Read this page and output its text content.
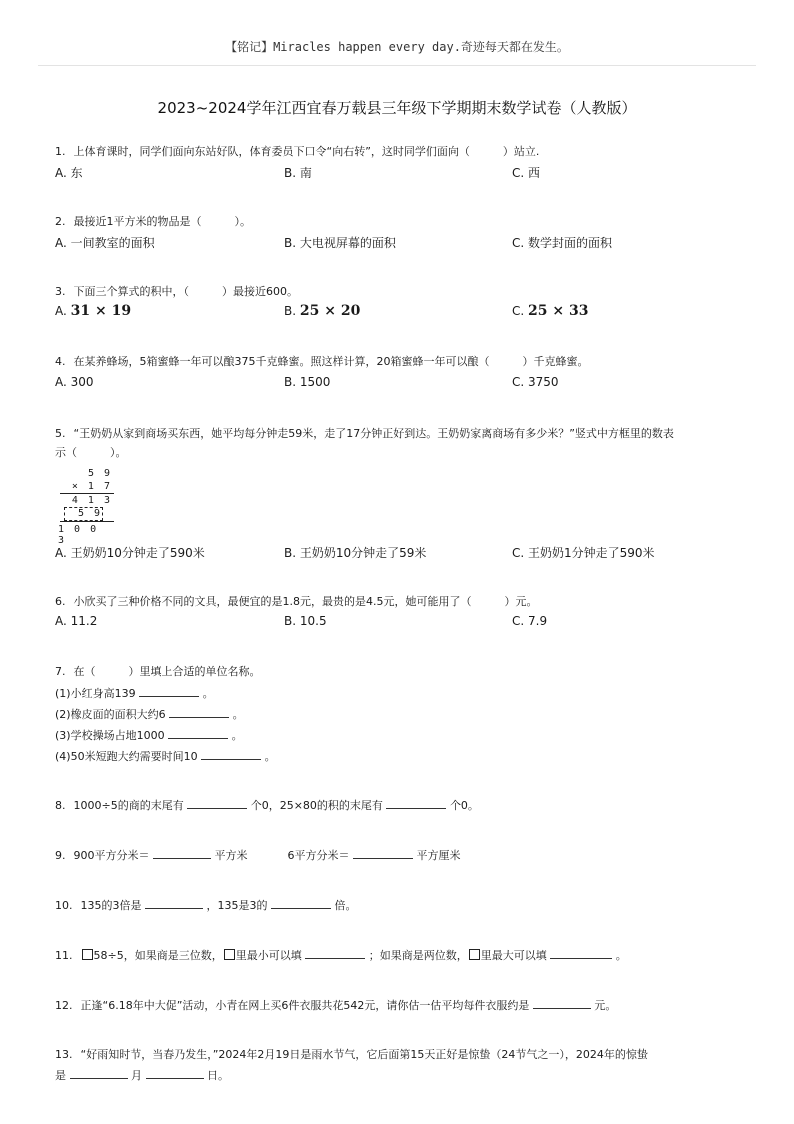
【铭记】Miracles happen every day.奇迹每天都在发生。
2023~2024学年江西宜春万载县三年级下学期期末数学试卷（人教版）
1. 上体育课时，同学们面向东站好队，体育委员下口令“向右转”，这时同学们面向（　　　）站立.
A. 东	B. 南	C. 西
2. 最接近1平方米的物品是（　　　）。
A. 一间教室的面积	B. 大电视屏幕的面积	C. 数学封面的面积
3. 下面三个算式的积中，（　　　）最接近600。
A. 31 × 19	B. 25 × 20	C. 25 × 33
4. 在某养蜂场，5箱蜜蜂一年可以酿375千克蜂蜜。照这样计算，20箱蜜蜂一年可以酿（　　　）千克蜂蜜。
A. 300	B. 1500	C. 3750
5. “王奶奶从家到商场买东西，她平均每分钟走59米，走了17分钟正好到达。王奶奶家离商场有多少米？”竖式中方框里的数表
示（　　　）。
5 9
× 1 7
4 1 3
5 9
1 0 0 3
A. 王奶奶10分钟走了590米	B. 王奶奶10分钟走了59米	C. 王奶奶1分钟走了590米
6. 小欣买了三种价格不同的文具，最便宜的是1.8元，最贵的是4.5元，她可能用了（　　　）元。
A. 11.2	B. 10.5	C. 7.9
7. 在（　　　）里填上合适的单位名称。
(1)小红身高139	。
(2)橡皮面的面积大约6	。
(3)学校操场占地1000	。
(4)50米短跑大约需要时间10	。
8. 1000÷5的商的末尾有	个0，25×80的积的末尾有	个0。
9. 900平方分米＝	平方米	6平方分米＝	平方厘米
10. 135的3倍是	，135是3的	倍。
11. 58÷5，如果商是三位数， 里最小可以填	；如果商是两位数， 里最大可以填	。
12. 正逢“6.18年中大促”活动，小青在网上买6件衣服共花542元，请你估一估平均每件衣服约是	元。
13. “好雨知时节，当春乃发生，”2024年2月19日是雨水节气，它后面第15天正好是惊蛰（24节气之一），2024年的惊蛰
是	月	日。
